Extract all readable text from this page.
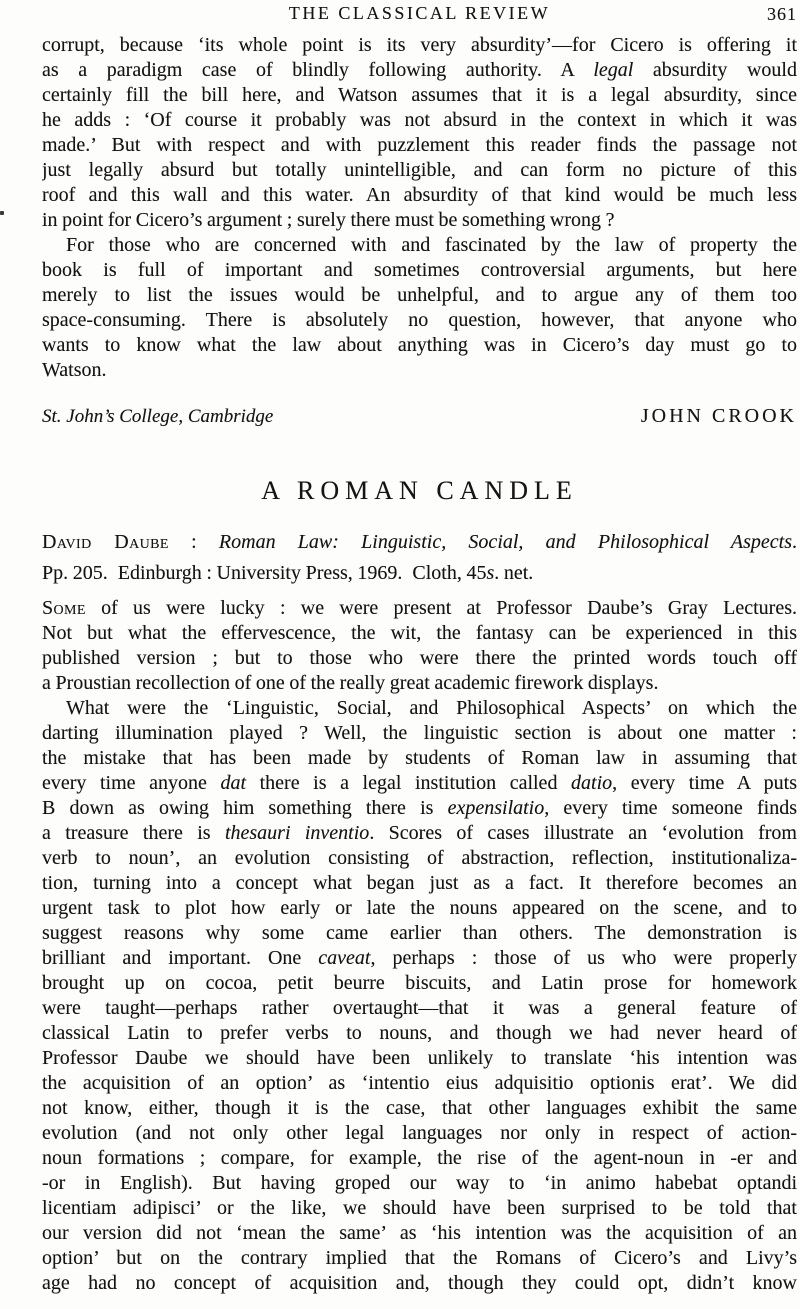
THE CLASSICAL REVIEW	361
corrupt, because ‘its whole point is its very absurdity’—for Cicero is offering it
as a paradigm case of blindly following authority. A legal absurdity would
certainly fill the bill here, and Watson assumes that it is a legal absurdity, since
he adds : ‘Of course it probably was not absurd in the context in which it was
made.’ But with respect and with puzzlement this reader finds the passage not
just legally absurd but totally unintelligible, and can form no picture of this
roof and this wall and this water. An absurdity of that kind would be much less
in point for Cicero’s argument ; surely there must be something wrong ?
For those who are concerned with and fascinated by the law of property the
book is full of important and sometimes controversial arguments, but here
merely to list the issues would be unhelpful, and to argue any of them too
space-consuming. There is absolutely no question, however, that anyone who
wants to know what the law about anything was in Cicero’s day must go to
Watson.
St. John’s College, Cambridge	JOHN CROOK
A ROMAN CANDLE
David Daube : Roman Law: Linguistic, Social, and Philosophical Aspects.
Pp. 205. Edinburgh : University Press, 1969. Cloth, 45s. net.
Some of us were lucky : we were present at Professor Daube’s Gray Lectures.
Not but what the effervescence, the wit, the fantasy can be experienced in this
published version ; but to those who were there the printed words touch off
a Proustian recollection of one of the really great academic firework displays.
What were the ‘Linguistic, Social, and Philosophical Aspects’ on which the
darting illumination played ? Well, the linguistic section is about one matter :
the mistake that has been made by students of Roman law in assuming that
every time anyone dat there is a legal institution called datio, every time A puts
B down as owing him something there is expensilatio, every time someone finds
a treasure there is thesauri inventio. Scores of cases illustrate an ‘evolution from
verb to noun’, an evolution consisting of abstraction, reflection, institutionaliza-
tion, turning into a concept what began just as a fact. It therefore becomes an
urgent task to plot how early or late the nouns appeared on the scene, and to
suggest reasons why some came earlier than others. The demonstration is
brilliant and important. One caveat, perhaps : those of us who were properly
brought up on cocoa, petit beurre biscuits, and Latin prose for homework
were taught—perhaps rather overtaught—that it was a general feature of
classical Latin to prefer verbs to nouns, and though we had never heard of
Professor Daube we should have been unlikely to translate ‘his intention was
the acquisition of an option’ as ‘intentio eius adquisitio optionis erat’. We did
not know, either, though it is the case, that other languages exhibit the same
evolution (and not only other legal languages nor only in respect of action-
noun formations ; compare, for example, the rise of the agent-noun in -er and
-or in English). But having groped our way to ‘in animo habebat optandi
licentiam adipisci’ or the like, we should have been surprised to be told that
our version did not ‘mean the same’ as ‘his intention was the acquisition of an
option’ but on the contrary implied that the Romans of Cicero’s and Livy’s
age had no concept of acquisition and, though they could opt, didn’t know
